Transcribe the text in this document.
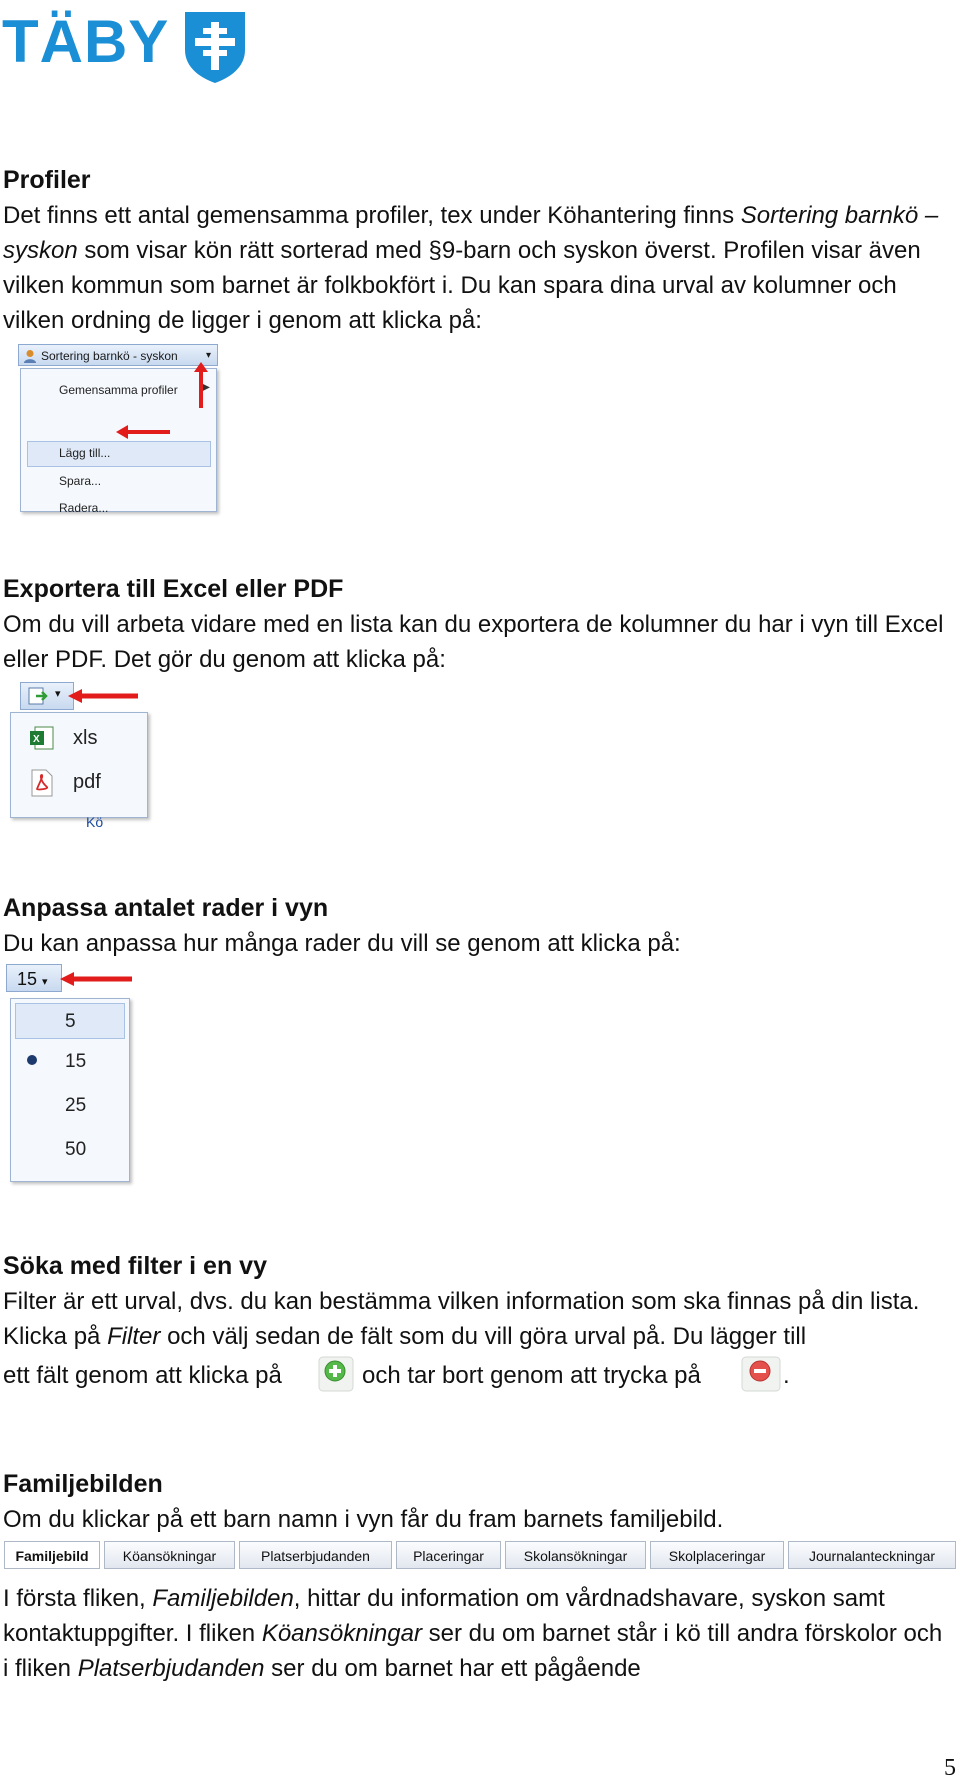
TÄBY
Profiler

Det finns ett antal gemensamma profiler, tex under Köhantering finns Sortering barnkö – syskon som visar kön rätt sorterad med §9-barn och syskon överst. Profilen visar även vilken kommun som barnet är folkbokfört i. Du kan spara dina urval av kolumner och vilken ordning de ligger i genom att klicka på:

Sortering barnkö - syskon	▾
Gemensamma profiler ▶
Lägg till...
Spara...
Radera...
Exportera till Excel eller PDF

Om du vill arbeta vidare med en lista kan du exportera de kolumner du har i vyn till Excel eller PDF. Det gör du genom att klicka på:

▾
X xls
pdf
Kö
Anpassa antalet rader i vyn

Du kan anpassa hur många rader du vill se genom att klicka på:

15 ▾
5
15
25
50
Söka med filter i en vy

Filter är ett urval, dvs. du kan bestämma vilken information som ska finnas på din lista. Klicka på Filter och välj sedan de fält som du vill göra urval på. Du lägger till

ett fält genom att klicka på	och tar bort genom att trycka på	.
Familjebilden

Om du klickar på ett barn namn i vyn får du fram barnets familjebild.

Familjebild	Köansökningar	Platserbjudanden	Placeringar	Skolansökningar	Skolplaceringar	Journalanteckningar

I första fliken, Familjebilden, hittar du information om vårdnadshavare, syskon samt kontaktuppgifter. I fliken Köansökningar ser du om barnet står i kö till andra förskolor och i fliken Platserbjudanden ser du om barnet har ett pågående

5
